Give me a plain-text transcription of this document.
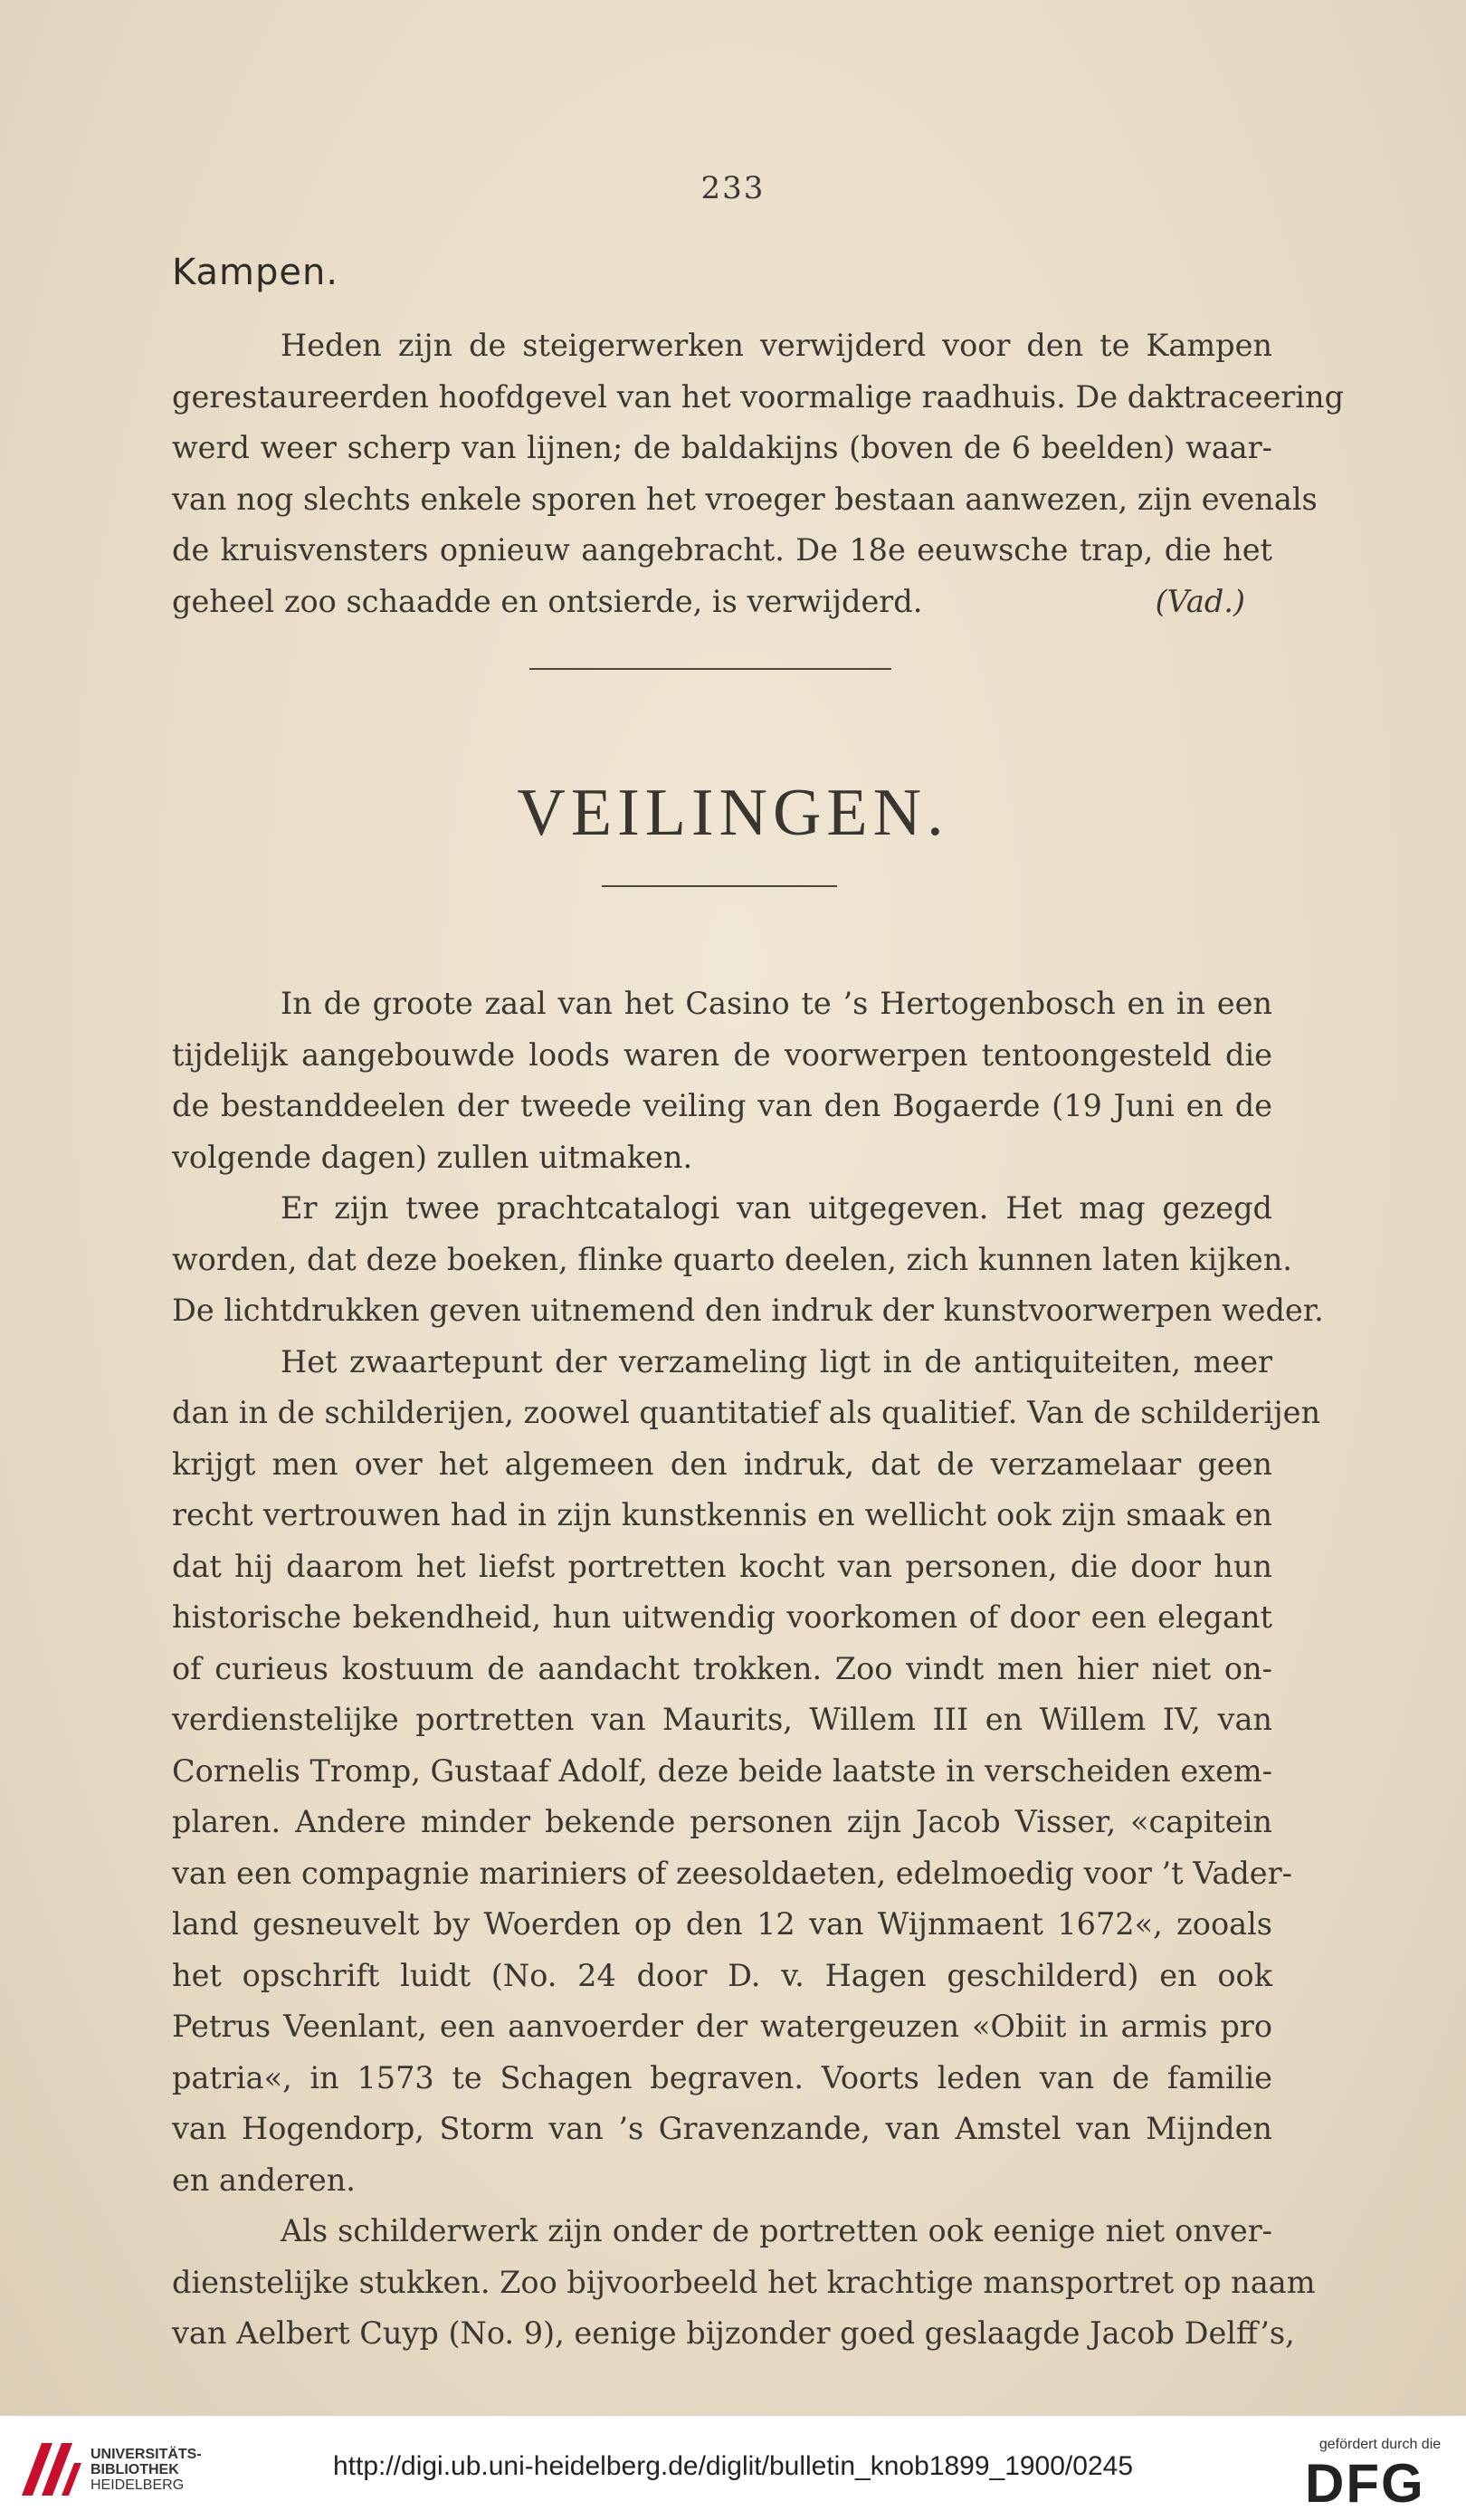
233
Kampen.
Heden zijn de steigerwerken verwijderd voor den te Kampen
gerestaureerden hoofdgevel van het voormalige raadhuis. De daktraceering
werd weer scherp van lijnen; de baldakijns (boven de 6 beelden) waar-
van nog slechts enkele sporen het vroeger bestaan aanwezen, zijn evenals
de kruisvensters opnieuw aangebracht. De 18e eeuwsche trap, die het
geheel zoo schaadde en ontsierde, is verwijderd.	(Vad.)
VEILINGEN.
In de groote zaal van het Casino te ’s Hertogenbosch en in een
tijdelijk aangebouwde loods waren de voorwerpen tentoongesteld die
de bestanddeelen der tweede veiling van den Bogaerde (19 Juni en de
volgende dagen) zullen uitmaken.
Er zijn twee prachtcatalogi van uitgegeven. Het mag gezegd
worden, dat deze boeken, flinke quarto deelen, zich kunnen laten kijken.
De lichtdrukken geven uitnemend den indruk der kunstvoorwerpen weder.
Het zwaartepunt der verzameling ligt in de antiquiteiten, meer
dan in de schilderijen, zoowel quantitatief als qualitief. Van de schilderijen
krijgt men over het algemeen den indruk, dat de verzamelaar geen
recht vertrouwen had in zijn kunstkennis en wellicht ook zijn smaak en
dat hij daarom het liefst portretten kocht van personen, die door hun
historische bekendheid, hun uitwendig voorkomen of door een elegant
of curieus kostuum de aandacht trokken. Zoo vindt men hier niet on-
verdienstelijke portretten van Maurits, Willem III en Willem IV, van
Cornelis Tromp, Gustaaf Adolf, deze beide laatste in verscheiden exem-
plaren. Andere minder bekende personen zijn Jacob Visser, «capitein
van een compagnie mariniers of zeesoldaeten, edelmoedig voor ’t Vader-
land gesneuvelt by Woerden op den 12 van Wijnmaent 1672«, zooals
het opschrift luidt (No. 24 door D. v. Hagen geschilderd) en ook
Petrus Veenlant, een aanvoerder der watergeuzen «Obiit in armis pro
patria«, in 1573 te Schagen begraven. Voorts leden van de familie
van Hogendorp, Storm van ’s Gravenzande, van Amstel van Mijnden
en anderen.
Als schilderwerk zijn onder de portretten ook eenige niet onver-
dienstelijke stukken. Zoo bijvoorbeeld het krachtige mansportret op naam
van Aelbert Cuyp (No. 9), eenige bijzonder goed geslaagde Jacob Delff’s,
UNIVERSITÄTS-
BIBLIOTHEK
HEIDELBERG
http://digi.ub.uni-heidelberg.de/diglit/bulletin_knob1899_1900/0245
gefördert durch die
DFG
